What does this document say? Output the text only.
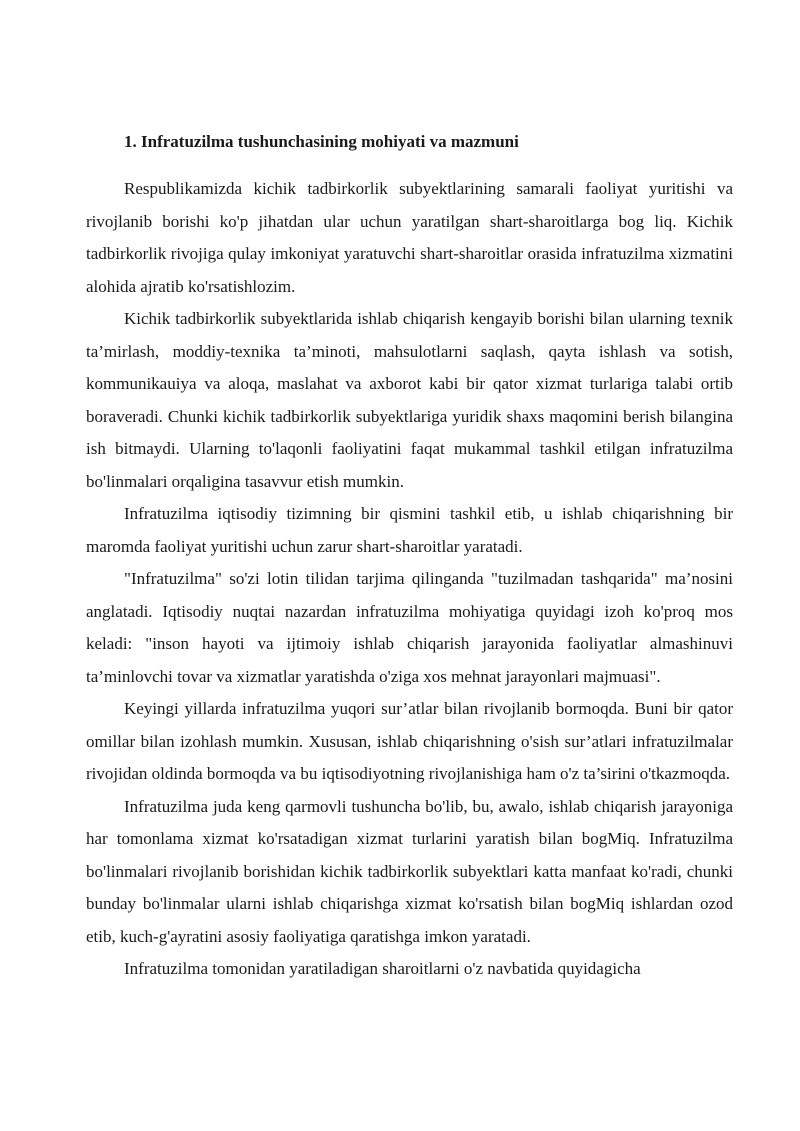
1. Infratuzilma tushunchasining mohiyati va mazmuni

Respublikamizda kichik tadbirkorlik subyektlarining samarali faoliyat yuritishi va rivojlanib borishi ko'p jihatdan ular uchun yaratilgan shart-sharoitlarga bog liq. Kichik tadbirkorlik rivojiga qulay imkoniyat yaratuvchi shart-sharoitlar orasida infratuzilma xizmatini alohida ajratib ko'rsatishlozim.

Kichik tadbirkorlik subyektlarida ishlab chiqarish kengayib borishi bilan ularning texnik ta’mirlash, moddiy-texnika ta’minoti, mahsulotlarni saqlash, qayta ishlash va sotish, kommunikauiya va aloqa, maslahat va axborot kabi bir qator xizmat turlariga talabi ortib boraveradi. Chunki kichik tadbirkorlik subyektlariga yuridik shaxs maqomini berish bilangina ish bitmaydi. Ularning to'laqonli faoliyatini faqat mukammal tashkil etilgan infratuzilma bo'linmalari orqaligina tasavvur etish mumkin.

Infratuzilma iqtisodiy tizimning bir qismini tashkil etib, u ishlab chiqarishning bir maromda faoliyat yuritishi uchun zarur shart-sharoitlar yaratadi.

"Infratuzilma" so'zi lotin tilidan tarjima qilinganda "tuzilmadan tashqarida" ma’nosini anglatadi. Iqtisodiy nuqtai nazardan infratuzilma mohiyatiga quyidagi izoh ko'proq mos keladi: "inson hayoti va ijtimoiy ishlab chiqarish jarayonida faoliyatlar almashinuvi ta’minlovchi tovar va xizmatlar yaratishda o'ziga xos mehnat jarayonlari majmuasi".

Keyingi yillarda infratuzilma yuqori sur’atlar bilan rivojlanib bormoqda. Buni bir qator omillar bilan izohlash mumkin. Xususan, ishlab chiqarishning o'sish sur’atlari infratuzilmalar rivojidan oldinda bormoqda va bu iqtisodiyotning rivojlanishiga ham o'z ta’sirini o'tkazmoqda.

Infratuzilma juda keng qarmovli tushuncha bo'lib, bu, awalo, ishlab chiqarish jarayoniga har tomonlama xizmat ko'rsatadigan xizmat turlarini yaratish bilan bogMiq. Infratuzilma bo'linmalari rivojlanib borishidan kichik tadbirkorlik subyektlari katta manfaat ko'radi, chunki bunday bo'linmalar ularni ishlab chiqarishga xizmat ko'rsatish bilan bogMiq ishlardan ozod etib, kuch-g'ayratini asosiy faoliyatiga qaratishga imkon yaratadi.

Infratuzilma tomonidan yaratiladigan sharoitlarni o'z navbatida quyidagicha
